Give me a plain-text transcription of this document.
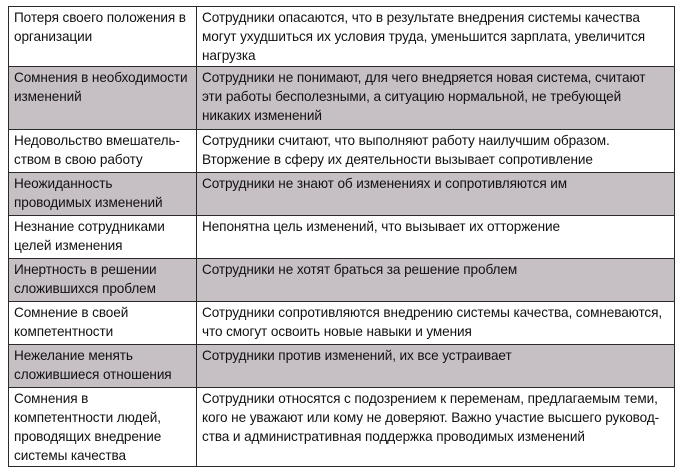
Потеря своего положения в организации	Сотрудники опасаются, что в результате внедрения системы качества могут ухудшиться их условия труда, уменьшится зарплата, увеличится нагрузка
Сомнения в необходимости изменений	Сотрудники не понимают, для чего внедряется новая система, считают эти работы бесполезными, а ситуацию нормальной, не требующей никаких изменений
Недовольство вмешательством в свою работу	Сотрудники считают, что выполняют работу наилучшим образом. Вторжение в сферу их деятельности вызывает сопротивление
Неожиданность проводимых изменений	Сотрудники не знают об изменениях и сопротивляются им
Незнание сотрудниками целей изменения	Непонятна цель изменений, что вызывает их отторжение
Инертность в решении сложившихся проблем	Сотрудники не хотят браться за решение проблем
Сомнение в своей компетентности	Сотрудники сопротивляются внедрению системы качества, сомневаются, что смогут освоить новые навыки и умения
Нежелание менять сложившиеся отношения	Сотрудники против изменений, их все устраивает
Сомнения в компетентности людей, проводящих внедрение системы качества	Сотрудники относятся с подозрением к переменам, предлагаемым теми, кого не уважают или кому не доверяют. Важно участие высшего руководства и административная поддержка проводимых изменений
